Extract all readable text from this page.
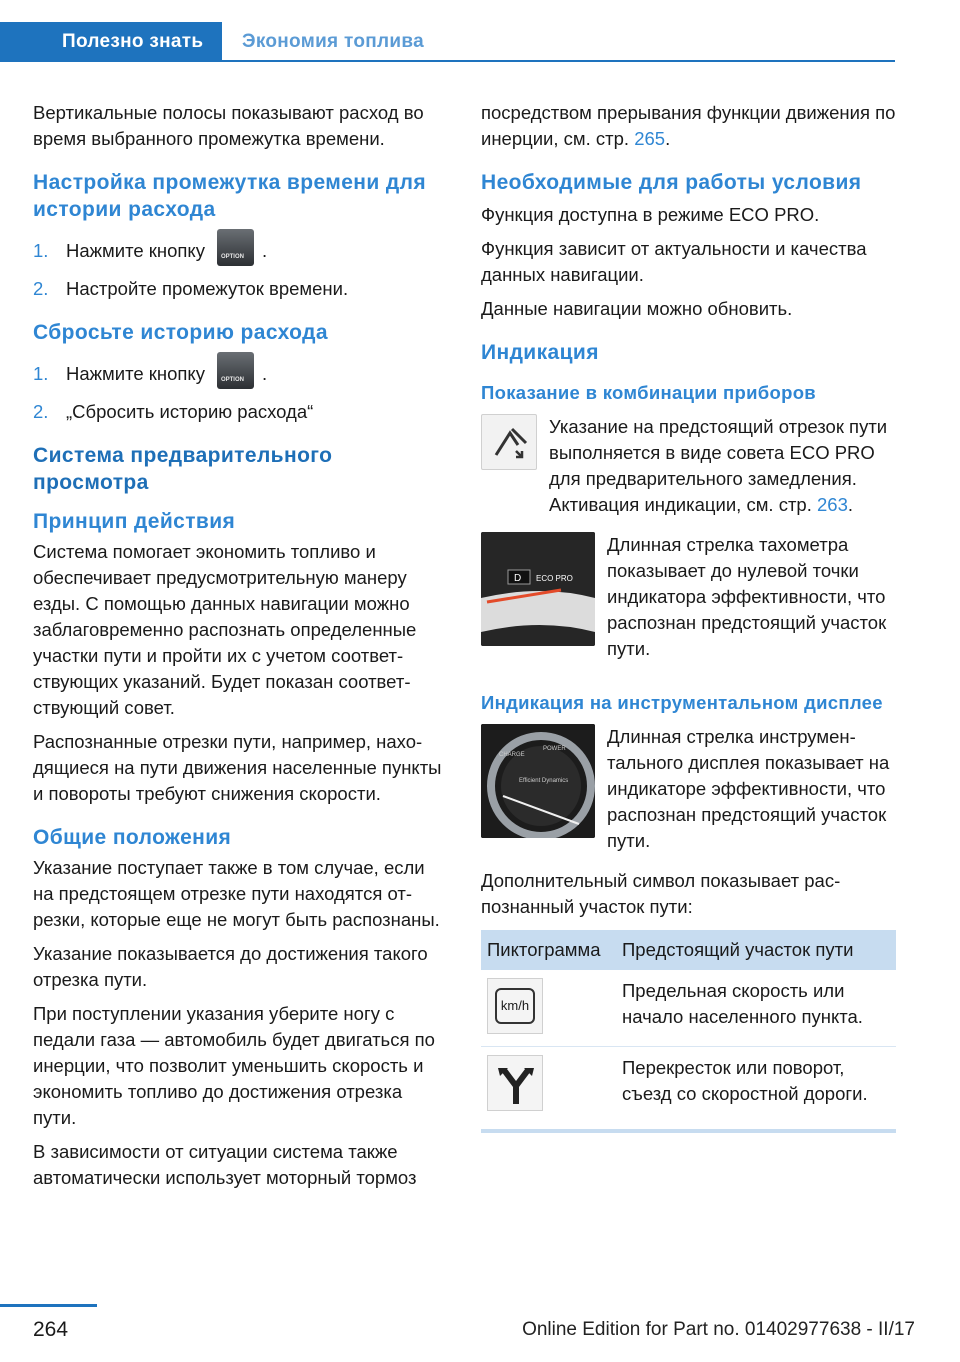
Полезно знать	Экономия топлива

Вертикальные полосы показывают расход во время выбранного промежутка времени.

Настройка промежутка времени для истории расхода
1. Нажмите кнопку OPTION	.
2. Настройте промежуток времени.
Сбросьте историю расхода
1. Нажмите кнопку OPTION	.
2. „Сбросить историю расхода“
Система предварительного просмотра
Принцип действия

Система помогает экономить топливо и обеспечивает предусмотрительную манеру езды. С помощью данных навигации можно заблаговременно распознать определенные участки пути и пройти их с учетом соответствующих указаний. Будет показан соответствующий совет.

Распознанные отрезки пути, например, находящиеся на пути движения населенные пункты и повороты требуют снижения скорости.

Общие положения

Указание поступает также в том случае, если на предстоящем отрезке пути находятся отрезки, которые еще не могут быть распознаны.

Указание показывается до достижения такого отрезка пути.

При поступлении указания уберите ногу с педали газа — автомобиль будет двигаться по инерции, что позволит уменьшить скорость и экономить топливо до достижения отрезка пути.

В зависимости от ситуации система также автоматически использует моторный тормоз

посредством прерывания функции движения по инерции, см. стр. 265.

Необходимые для работы условия

Функция доступна в режиме ECO PRO.

Функция зависит от актуальности и качества данных навигации.

Данные навигации можно обновить.

Индикация
Показание в комбинации приборов

Указание на предстоящий отрезок пути выполняется в виде совета ECO PRO для предварительного замедления. Активация индикации, см. стр. 263.

D ECO PRO

Длинная стрелка тахометра показывает до нулевой точки индикатора эффективности, что распознан предстоящий участок пути.

Индикация на инструментальном дисплее
CHARGE
POWER
Efficient Dynamics

Длинная стрелка инструментального дисплея показывает на индикаторе эффективности, что распознан предстоящий участок пути.

Дополнительный символ показывает распознанный участок пути:

Пиктограмма	Предстоящий участок пути

km/h	Предельная скорость или начало населенного пункта.

	Перекресток или поворот, съезд со скоростной дороги.
264	Online Edition for Part no. 01402977638 - II/17
